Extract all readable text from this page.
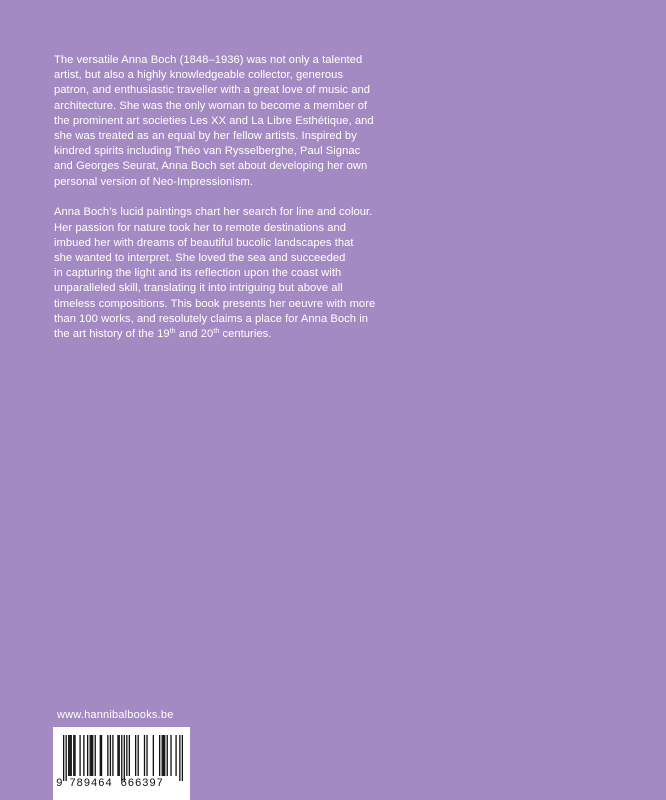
The versatile Anna Boch (1848–1936) was not only a talented
artist, but also a highly knowledgeable collector, generous
patron, and enthusiastic traveller with a great love of music and
architecture. She was the only woman to become a member of
the prominent art societies Les XX and La Libre Esthétique, and
she was treated as an equal by her fellow artists. Inspired by
kindred spirits including Théo van Rysselberghe, Paul Signac
and Georges Seurat, Anna Boch set about developing her own
personal version of Neo-Impressionism.

Anna Boch’s lucid paintings chart her search for line and colour.
Her passion for nature took her to remote destinations and
imbued her with dreams of beautiful bucolic landscapes that
she wanted to interpret. She loved the sea and succeeded
in capturing the light and its reflection upon the coast with
unparalleled skill, translating it into intriguing but above all
timeless compositions. This book presents her oeuvre with more
than 100 works, and resolutely claims a place for Anna Boch in
the art history of the 19th and 20th centuries.

www.hannibalbooks.be
9 789464 666397
